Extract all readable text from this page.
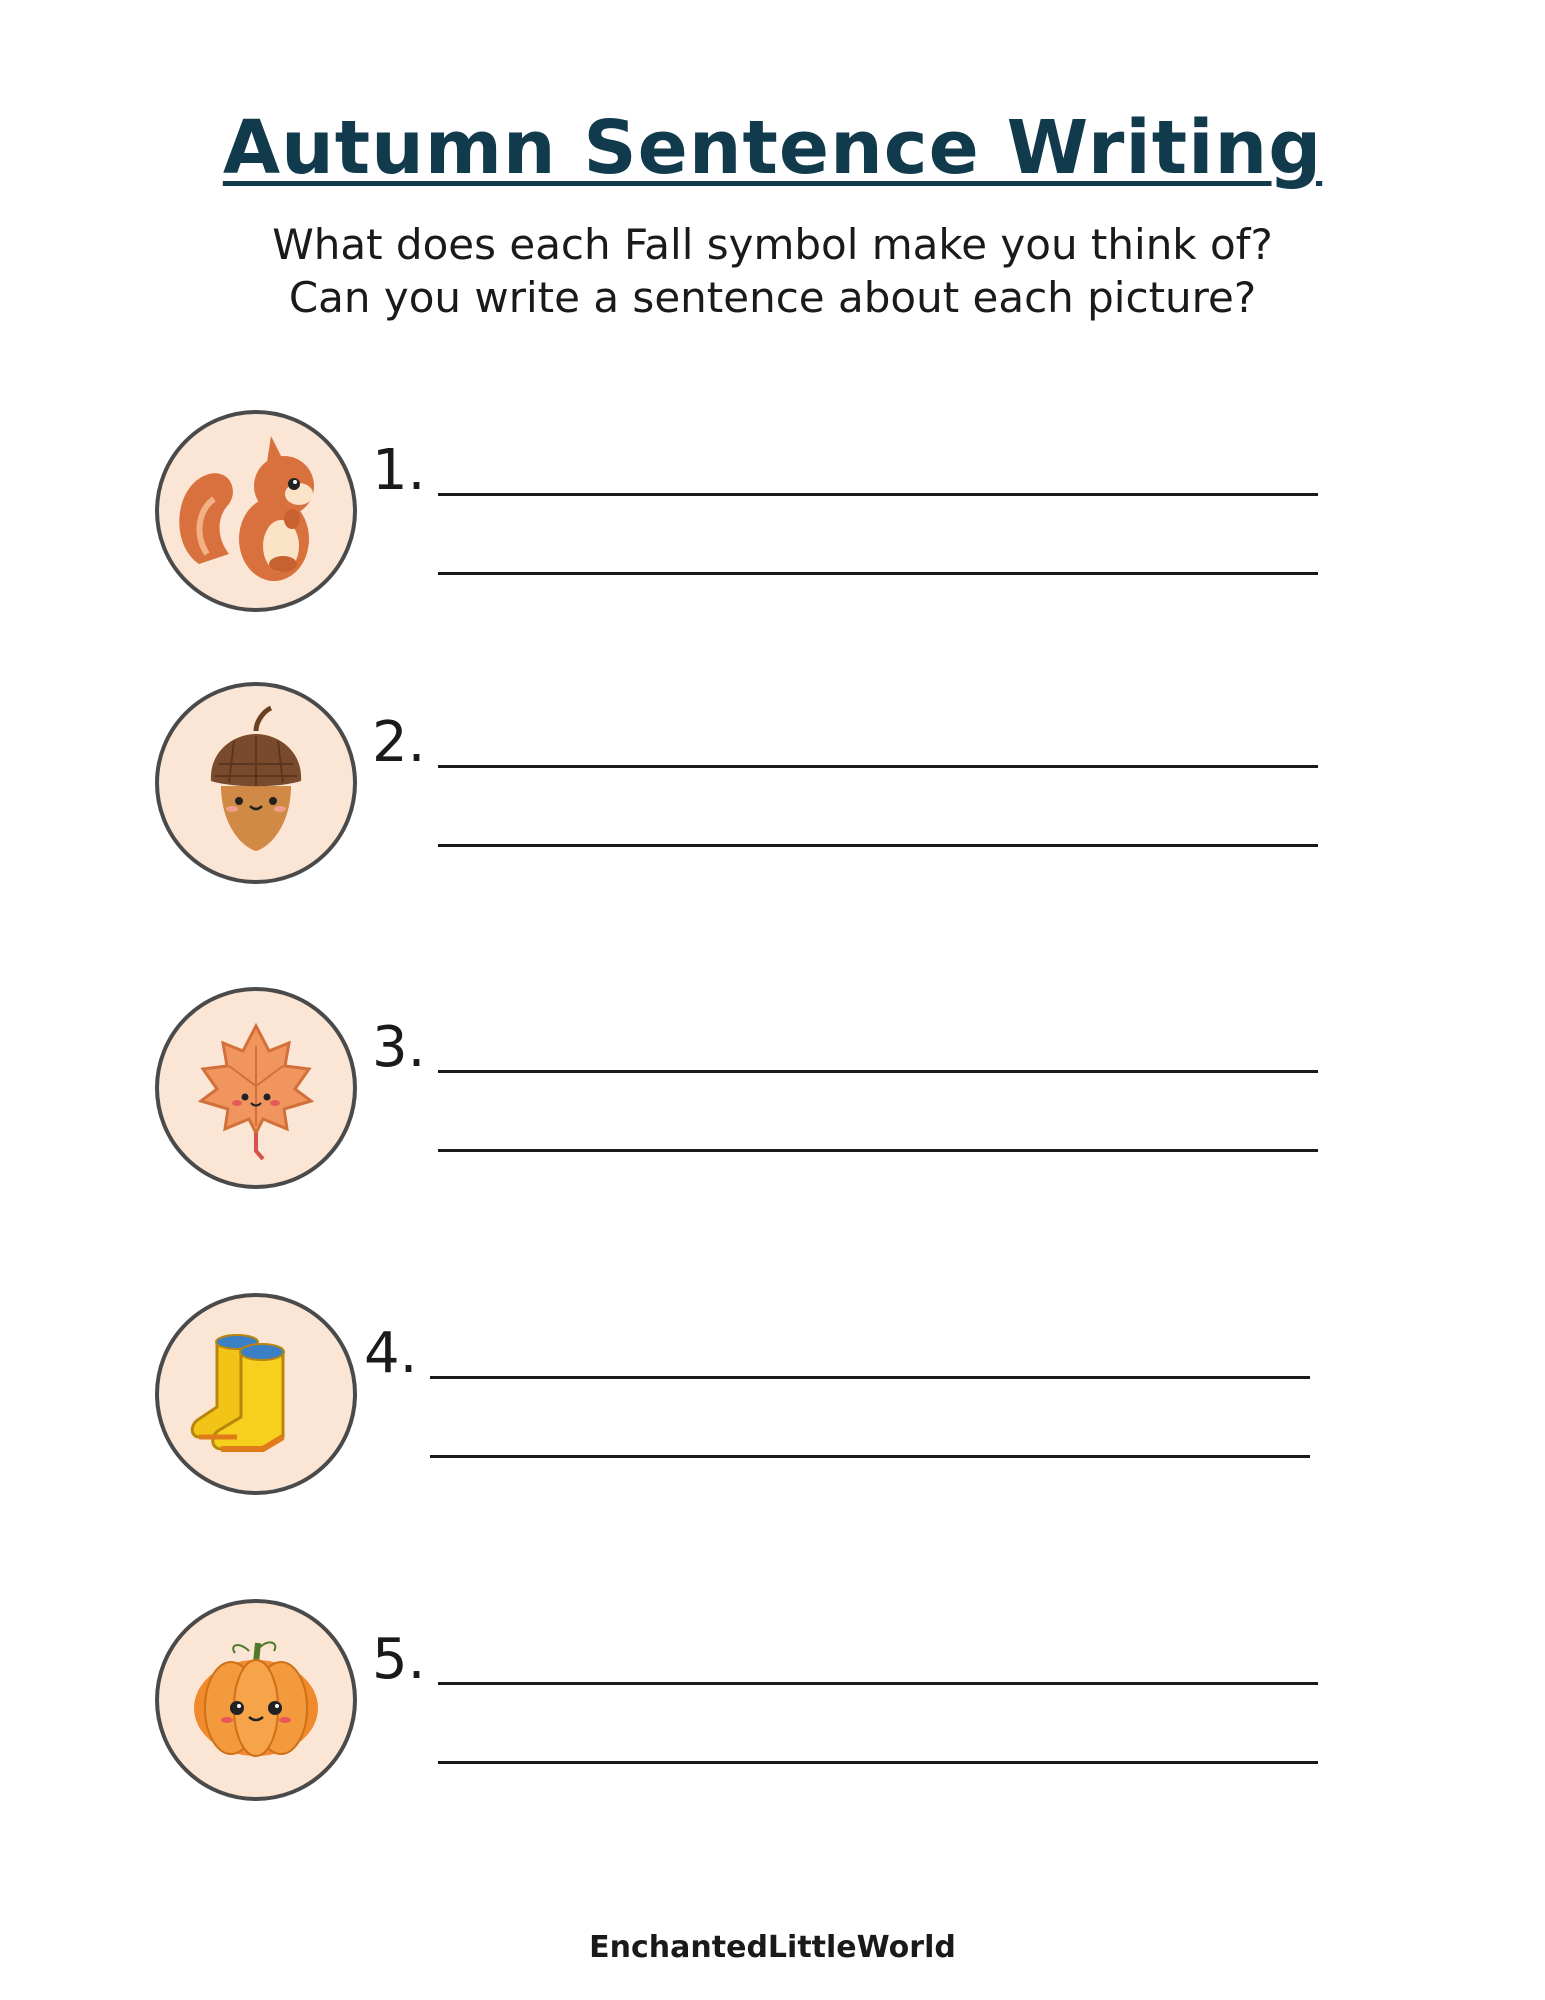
Autumn Sentence Writing
What does each Fall symbol make you think of?
Can you write a sentence about each picture?
1.
2.
3.
4.
5.
EnchantedLittleWorld
